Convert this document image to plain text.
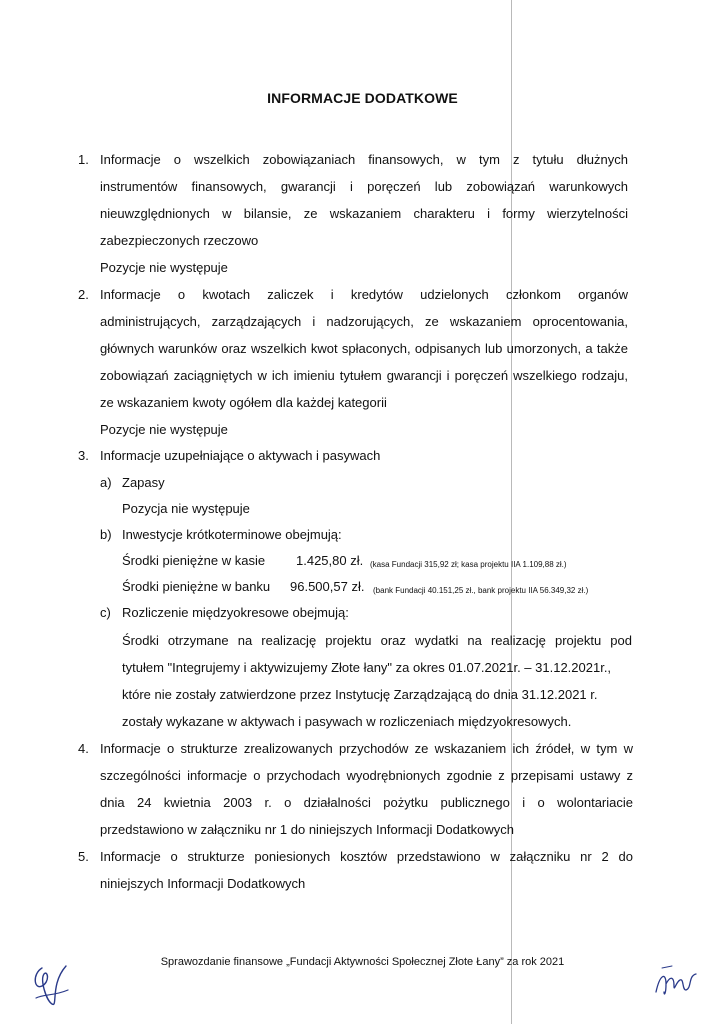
INFORMACJE DODATKOWE
1. Informacje o wszelkich zobowiązaniach finansowych, w tym z tytułu dłużnych
instrumentów finansowych, gwarancji i poręczeń lub zobowiązań warunkowych
nieuwzględnionych w bilansie, ze wskazaniem charakteru i formy wierzytelności
zabezpieczonych rzeczowo
Pozycje nie występuje
2. Informacje o kwotach zaliczek i kredytów udzielonych członkom organów
administrujących, zarządzających i nadzorujących, ze wskazaniem oprocentowania,
głównych warunków oraz wszelkich kwot spłaconych, odpisanych lub umorzonych, a także
zobowiązań zaciągniętych w ich imieniu tytułem gwarancji i poręczeń wszelkiego rodzaju,
ze wskazaniem kwoty ogółem dla każdej kategorii
Pozycje nie występuje
3. Informacje uzupełniające o aktywach i pasywach
a) Zapasy
Pozycja nie występuje
b) Inwestycje krótkoterminowe obejmują:
Środki pieniężne w kasie 1.425,80 zł. (kasa Fundacji 315,92 zł; kasa projektu IIA 1.109,88 zł.)
Środki pieniężne w banku 96.500,57 zł. (bank Fundacji 40.151,25 zł., bank projektu IIA 56.349,32 zł.)
c) Rozliczenie międzyokresowe obejmują:
Środki otrzymane na realizację projektu oraz wydatki na realizację projektu pod
tytułem "Integrujemy i aktywizujemy Złote łany" za okres 01.07.2021r. – 31.12.2021r.,
które nie zostały zatwierdzone przez Instytucję Zarządzającą do dnia 31.12.2021 r.
zostały wykazane w aktywach i pasywach w rozliczeniach międzyokresowych.
4. Informacje o strukturze zrealizowanych przychodów ze wskazaniem ich źródeł, w tym w
szczególności informacje o przychodach wyodrębnionych zgodnie z przepisami ustawy z
dnia 24 kwietnia 2003 r. o działalności pożytku publicznego i o wolontariacie
przedstawiono w załączniku nr 1 do niniejszych Informacji Dodatkowych
5. Informacje o strukturze poniesionych kosztów przedstawiono w załączniku nr 2 do
niniejszych Informacji Dodatkowych
Sprawozdanie finansowe „Fundacji Aktywności Społecznej Złote Łany” za rok 2021
